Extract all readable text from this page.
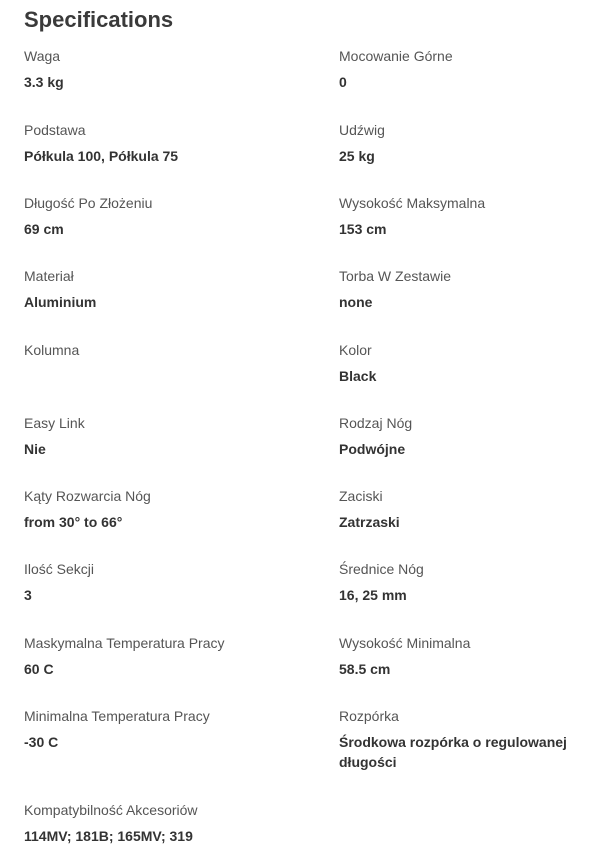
Specifications
Waga
3.3 kg
Mocowanie Górne
0
Podstawa
Półkula 100, Półkula 75
Udźwig
25 kg
Długość Po Złożeniu
69 cm
Wysokość Maksymalna
153 cm
Materiał
Aluminium
Torba W Zestawie
none
Kolumna	Kolor
Black
Easy Link
Nie
Rodzaj Nóg
Podwójne
Kąty Rozwarcia Nóg
from 30° to 66°
Zaciski
Zatrzaski
Ilość Sekcji
3
Średnice Nóg
16, 25 mm
Maskymalna Temperatura Pracy
60 C
Wysokość Minimalna
58.5 cm
Minimalna Temperatura Pracy
-30 C
Rozpórka
Środkowa rozpórka o regulowanej długości
Kompatybilność Akcesoriów
114MV; 181B; 165MV; 319
